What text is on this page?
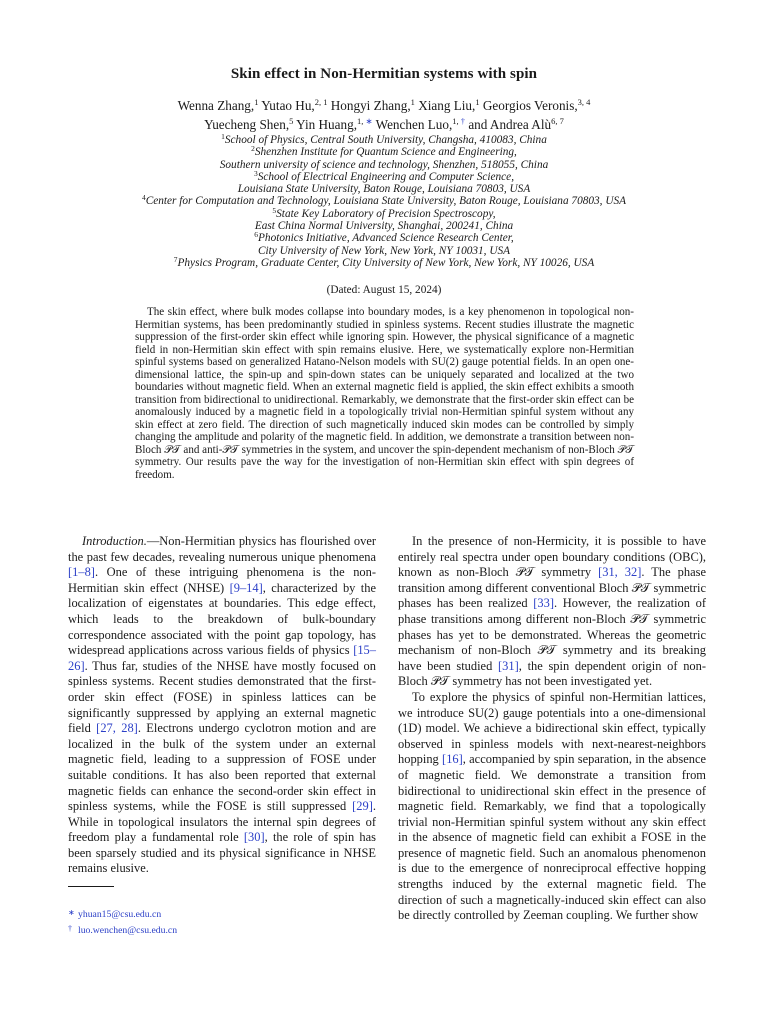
Skin effect in Non-Hermitian systems with spin
Wenna Zhang,$^1$ Yutao Hu,$^{2, 1}$ Hongyi Zhang,$^1$ Xiang Liu,$^1$ Georgios Veronis,$^{3, 4}$
Yuecheng Shen,$^5$ Yin Huang,$^{1, ∗}$ Wenchen Luo,$^{1, \dagger}$ and Andrea Alù$^{6, 7}$
$^1$School of Physics, Central South University, Changsha, 410083, China
$^2$Shenzhen Institute for Quantum Science and Engineering,
Southern university of science and technology, Shenzhen, 518055, China
$^3$School of Electrical Engineering and Computer Science,
Louisiana State University, Baton Rouge, Louisiana 70803, USA
$^4$Center for Computation and Technology, Louisiana State University, Baton Rouge, Louisiana 70803, USA
$^5$State Key Laboratory of Precision Spectroscopy,
East China Normal University, Shanghai, 200241, China
$^6$Photonics Initiative, Advanced Science Research Center,
City University of New York, New York, NY 10031, USA
$^7$Physics Program, Graduate Center, City University of New York, New York, NY 10026, USA
(Dated: August 15, 2024)

The skin effect, where bulk modes collapse into boundary modes, is a key phenomenon in topological non-Hermitian systems, has been predominantly studied in spinless systems. Recent studies illustrate the magnetic suppression of the first-order skin effect while ignoring spin. However, the physical significance of a magnetic field in non-Hermitian skin effect with spin remains elusive. Here, we systematically explore non-Hermitian spinful systems based on generalized Hatano-Nelson models with SU(2) gauge potential fields. In an open one-dimensional lattice, the spin-up and spin-down states can be uniquely separated and localized at the two boundaries without magnetic field. When an external magnetic field is applied, the skin effect exhibits a smooth transition from bidirectional to unidirectional. Remarkably, we demonstrate that the first-order skin effect can be anomalously induced by a magnetic field in a topologically trivial non-Hermitian spinful system without any skin effect at zero field. The direction of such magnetically induced skin modes can be controlled by simply changing the amplitude and polarity of the magnetic field. In addition, we demonstrate a transition between non-Bloch 𝒫𝒯 and anti-𝒫𝒯 symmetries in the system, and uncover the spin-dependent mechanism of non-Bloch 𝒫𝒯 symmetry. Our results pave the way for the investigation of non-Hermitian skin effect with spin degrees of freedom.

Introduction.—Non-Hermitian physics has flourished over the past few decades, revealing numerous unique phenomena [1–8]. One of these intriguing phenomena is the non-Hermitian skin effect (NHSE) [9–14], characterized by the localization of eigenstates at boundaries. This edge effect, which leads to the breakdown of bulk-boundary correspondence associated with the point gap topology, has widespread applications across various fields of physics [15–26]. Thus far, studies of the NHSE have mostly focused on spinless systems. Recent studies demonstrated that the first-order skin effect (FOSE) in spinless lattices can be significantly suppressed by applying an external magnetic field [27, 28]. Electrons undergo cyclotron motion and are localized in the bulk of the system under an external magnetic field, leading to a suppression of FOSE under suitable conditions. It has also been reported that external magnetic fields can enhance the second-order skin effect in spinless systems, while the FOSE is still suppressed [29]. While in topological insulators the internal spin degrees of freedom play a fundamental role [30], the role of spin has been sparsely studied and its physical significance in NHSE remains elusive.

In the presence of non-Hermicity, it is possible to have entirely real spectra under open boundary conditions (OBC), known as non-Bloch 𝒫𝒯 symmetry [31, 32]. The phase transition among different conventional Bloch 𝒫𝒯 symmetric phases has been realized [33]. However, the realization of phase transitions among different non-Bloch 𝒫𝒯 symmetric phases has yet to be demonstrated. Whereas the geometric mechanism of non-Bloch 𝒫𝒯 symmetry and its breaking have been studied [31], the spin dependent origin of non-Bloch 𝒫𝒯 symmetry has not been investigated yet.

To explore the physics of spinful non-Hermitian lattices, we introduce SU(2) gauge potentials into a one-dimensional (1D) model. We achieve a bidirectional skin effect, typically observed in spinless models with next-nearest-neighbors hopping [16], accompanied by spin separation, in the absence of magnetic field. We demonstrate a transition from bidirectional to unidirectional skin effect in the presence of magnetic field. Remarkably, we find that a topologically trivial non-Hermitian spinful system without any skin effect in the absence of magnetic field can exhibit a FOSE in the presence of magnetic field. Such an anomalous phenomenon is due to the emergence of nonreciprocal effective hopping strengths induced by the external magnetic field. The direction of such a magnetically-induced skin effect can also be directly controlled by Zeeman coupling. We further show

∗ yhuan15@csu.edu.cn
† luo.wenchen@csu.edu.cn
